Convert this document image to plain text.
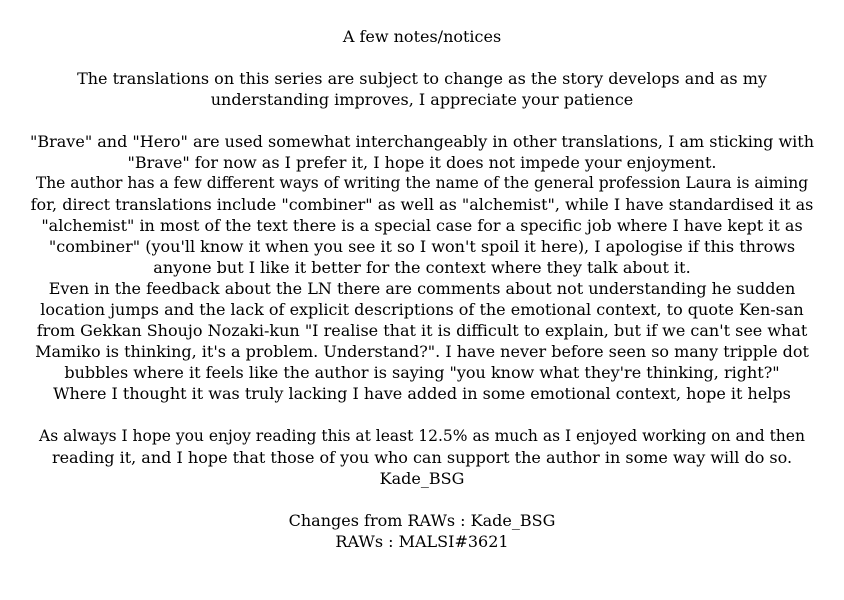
A few notes/notices

The translations on this series are subject to change as the story develops and as my
understanding improves, I appreciate your patience

"Brave" and "Hero" are used somewhat interchangeably in other translations, I am sticking with
"Brave" for now as I prefer it, I hope it does not impede your enjoyment.
The author has a few different ways of writing the name of the general profession Laura is aiming
for, direct translations include "combiner" as well as "alchemist", while I have standardised it as
"alchemist" in most of the text there is a special case for a specific job where I have kept it as
"combiner" (you'll know it when you see it so I won't spoil it here), I apologise if this throws
anyone but I like it better for the context where they talk about it.
Even in the feedback about the LN there are comments about not understanding he sudden
location jumps and the lack of explicit descriptions of the emotional context, to quote Ken-san
from Gekkan Shoujo Nozaki-kun "I realise that it is difficult to explain, but if we can't see what
Mamiko is thinking, it's a problem. Understand?". I have never before seen so many tripple dot
bubbles where it feels like the author is saying "you know what they're thinking, right?"
Where I thought it was truly lacking I have added in some emotional context, hope it helps

As always I hope you enjoy reading this at least 12.5% as much as I enjoyed working on and then
reading it, and I hope that those of you who can support the author in some way will do so.
Kade_BSG

Changes from RAWs : Kade_BSG
RAWs : MALSI#3621
